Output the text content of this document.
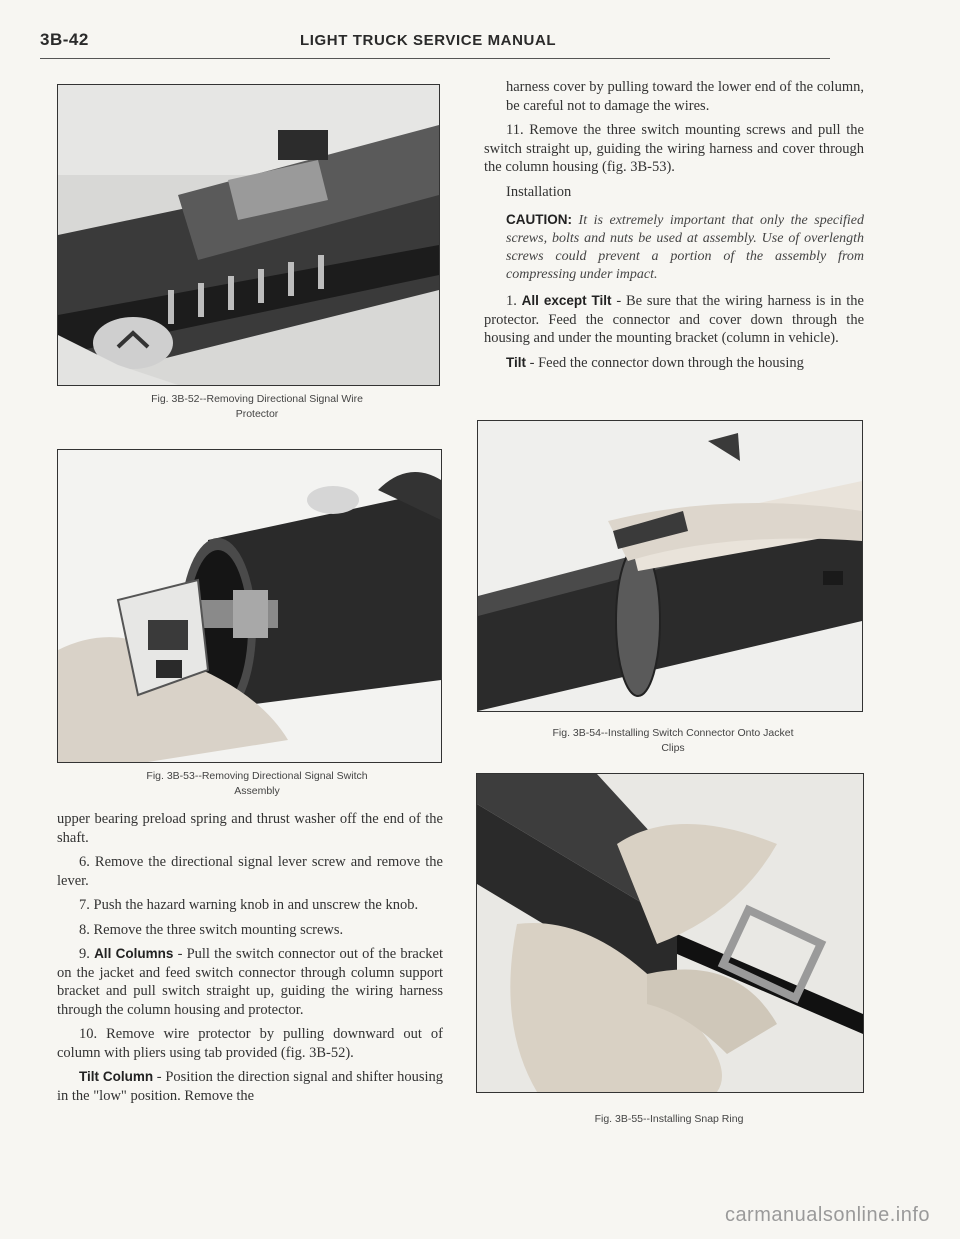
3B-42	LIGHT TRUCK SERVICE MANUAL
Fig. 3B-52--Removing Directional Signal Wire
Protector
Fig. 3B-53--Removing Directional Signal Switch
Assembly

upper bearing preload spring and thrust washer off the end of the shaft.

6. Remove the directional signal lever screw and remove the lever.

7. Push the hazard warning knob in and unscrew the knob.

8. Remove the three switch mounting screws.

9. All Columns - Pull the switch connector out of the bracket on the jacket and feed switch connector through column support bracket and pull switch straight up, guiding the wiring harness through the column housing and protector.

10. Remove wire protector by pulling downward out of column with pliers using tab provided (fig. 3B-52).

Tilt Column - Position the direction signal and shifter housing in the "low" position. Remove the

harness cover by pulling toward the lower end of the column, be careful not to damage the wires.

11. Remove the three switch mounting screws and pull the switch straight up, guiding the wiring harness and cover through the column housing (fig. 3B-53).

Installation

CAUTION: It is extremely important that only the specified screws, bolts and nuts be used at assembly. Use of overlength screws could prevent a portion of the assembly from compressing under impact.

1. All except Tilt - Be sure that the wiring harness is in the protector. Feed the connector and cover down through the housing and under the mounting bracket (column in vehicle).

Tilt - Feed the connector down through the housing

Fig. 3B-54--Installing Switch Connector Onto Jacket
Clips
Fig. 3B-55--Installing Snap Ring
carmanualsonline.info
